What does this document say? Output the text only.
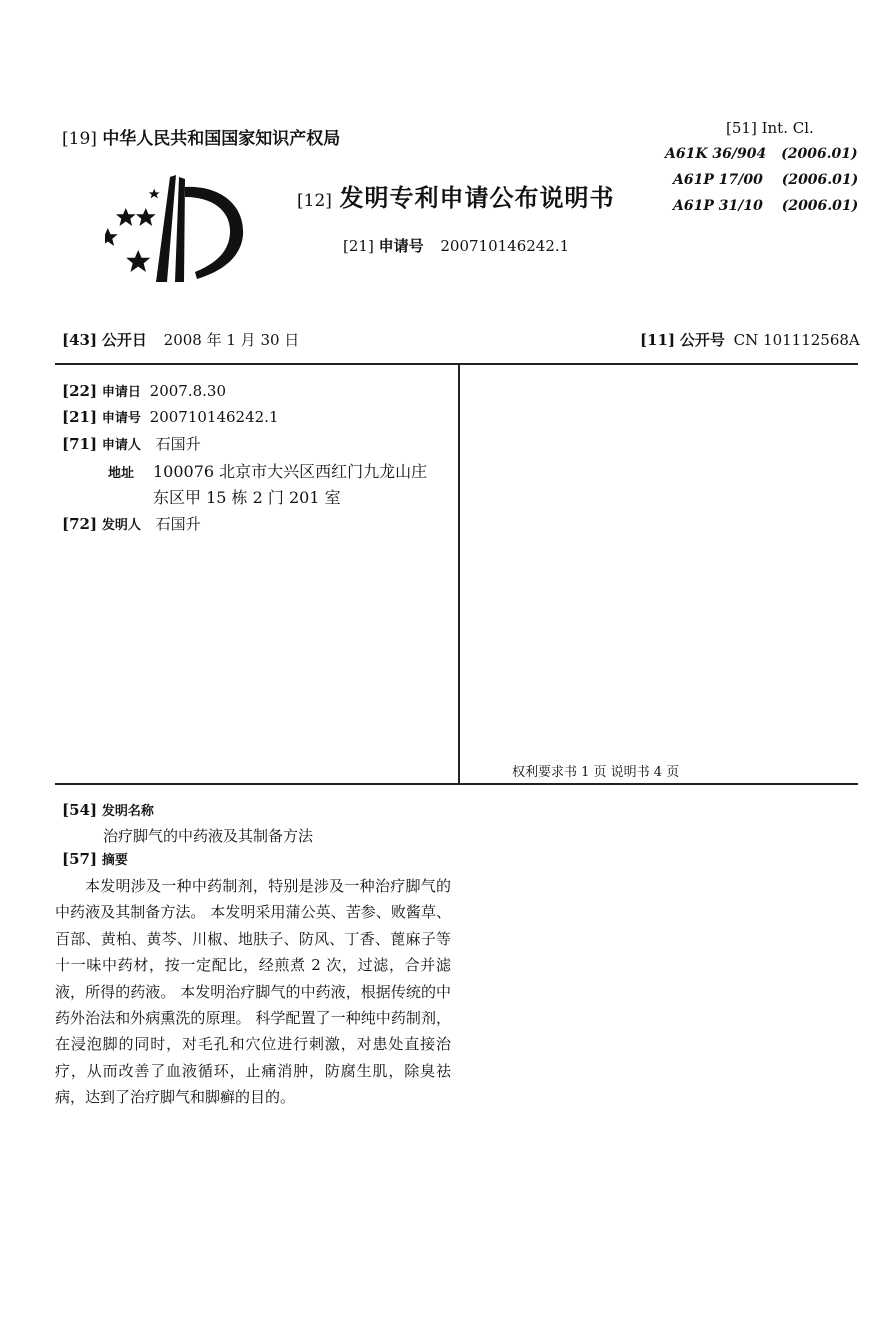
[19] 中华人民共和国国家知识产权局
[12] 发明专利申请公布说明书
[21] 申请号 200710146242.1
[51] Int. Cl.
A61K 36/904 (2006.01)
A61P 17/00 (2006.01)
A61P 31/10 (2006.01)
[43] 公开日 2008 年 1 月 30 日	[11] 公开号 CN 101112568A
[22] 申请日 2007.8.30
[21] 申请号 200710146242.1
[71] 申请人 石国升
地址 100076 北京市大兴区西红门九龙山庄
东区甲 15 栋 2 门 201 室
[72] 发明人 石国升
权利要求书 1 页 说明书 4 页
[54] 发明名称
治疗脚气的中药液及其制备方法
[57] 摘要
本发明涉及一种中药制剂，特别是涉及一种治疗脚气的中药液及其制备方法。 本发明采用蒲公英、苦参、败酱草、百部、黄柏、黄芩、川椒、地肤子、防风、丁香、蓖麻子等十一味中药材，按一定配比，经煎煮 2 次，过滤，合并滤液，所得的药液。 本发明治疗脚气的中药液，根据传统的中药外治法和外病熏洗的原理。 科学配置了一种纯中药制剂，在浸泡脚的同时，对毛孔和穴位进行刺激，对患处直接治疗，从而改善了血液循环，止痛消肿，防腐生肌，除臭祛病，达到了治疗脚气和脚癣的目的。
